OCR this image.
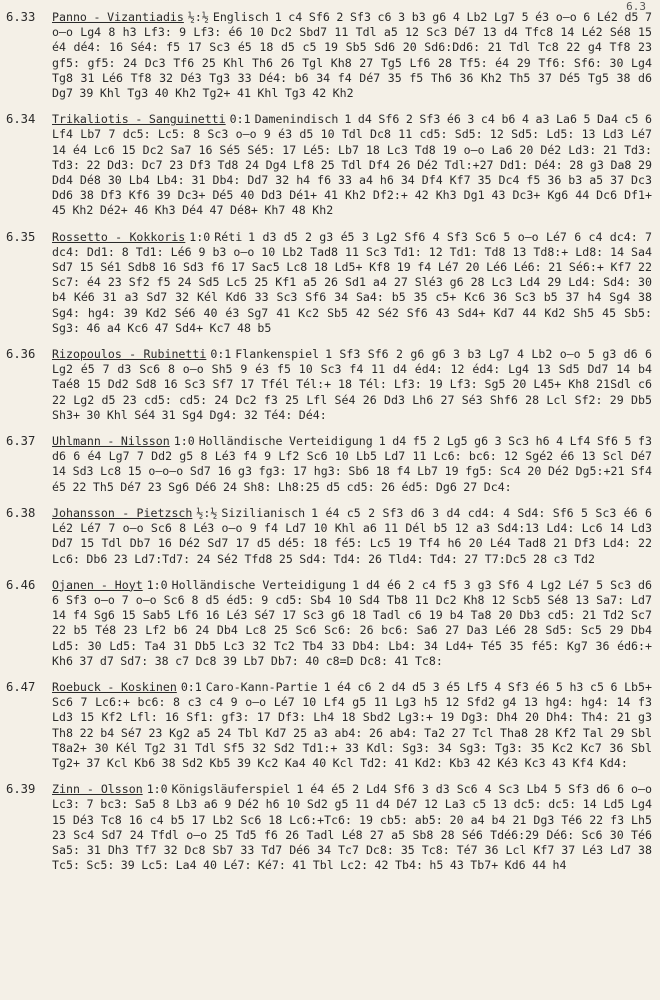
6.3
6.33	Panno - Vizantiadis ½:½ Englisch 1 c4 Sf6 2 Sf3 c6 3 b3 g6 4 Lb2 Lg7 5 é3 o—o 6 Lé2 d5 7 o—o Lg4 8 h3 Lf3: 9 Lf3: é6 10 Dc2 Sbd7 11 Tdl a5 12 Sc3 Dé7 13 d4 Tfc8 14 Lé2 Sé8 15 é4 dé4: 16 Sé4: f5 17 Sc3 é5 18 d5 c5 19 Sb5 Sd6 20 Sd6:Dd6: 21 Tdl Tc8 22 g4 Tf8 23 gf5: gf5: 24 Dc3 Tf6 25 Khl Th6 26 Tgl Kh8 27 Tg5 Lf6 28 Tf5: é4 29 Tf6: Sf6: 30 Lg4 Tg8 31 Lé6 Tf8 32 Dé3 Tg3 33 Dé4: b6 34 f4 Dé7 35 f5 Th6 36 Kh2 Th5 37 Dé5 Tg5 38 d6 Dg7 39 Khl Tg3 40 Kh2 Tg2+ 41 Khl Tg3 42 Kh2
6.34	Trikaliotis - Sanguinetti 0:1 Damenindisch 1 d4 Sf6 2 Sf3 é6 3 c4 b6 4 a3 La6 5 Da4 c5 6 Lf4 Lb7 7 dc5: Lc5: 8 Sc3 o—o 9 é3 d5 10 Tdl Dc8 11 cd5: Sd5: 12 Sd5: Ld5: 13 Ld3 Lé7 14 é4 Lc6 15 Dc2 Sa7 16 Sé5 Sé5: 17 Lé5: Lb7 18 Lc3 Td8 19 o—o La6 20 Dé2 Ld3: 21 Td3: Td3: 22 Dd3: Dc7 23 Df3 Td8 24 Dg4 Lf8 25 Tdl Df4 26 Dé2 Tdl:+27 Dd1: Dé4: 28 g3 Da8 29 Dd4 Dé8 30 Lb4 Lb4: 31 Db4: Dd7 32 h4 f6 33 a4 h6 34 Df4 Kf7 35 Dc4 f5 36 b3 a5 37 Dc3 Dd6 38 Df3 Kf6 39 Dc3+ Dé5 40 Dd3 Dé1+ 41 Kh2 Df2:+ 42 Kh3 Dg1 43 Dc3+ Kg6 44 Dc6 Df1+ 45 Kh2 Dé2+ 46 Kh3 Dé4 47 Dé8+ Kh7 48 Kh2
6.35	Rossetto - Kokkoris 1:0 Réti 1 d3 d5 2 g3 é5 3 Lg2 Sf6 4 Sf3 Sc6 5 o—o Lé7 6 c4 dc4: 7 dc4: Dd1: 8 Td1: Lé6 9 b3 o—o 10 Lb2 Tad8 11 Sc3 Td1: 12 Td1: Td8 13 Td8:+ Ld8: 14 Sa4 Sd7 15 Sé1 Sdb8 16 Sd3 f6 17 Sac5 Lc8 18 Ld5+ Kf8 19 f4 Lé7 20 Lé6 Lé6: 21 Sé6:+ Kf7 22 Sc7: é4 23 Sf2 f5 24 Sd5 Lc5 25 Kf1 a5 26 Sd1 a4 27 Slé3 g6 28 Lc3 Ld4 29 Ld4: Sd4: 30 b4 Ké6 31 a3 Sd7 32 Kél Kd6 33 Sc3 Sf6 34 Sa4: b5 35 c5+ Kc6 36 Sc3 b5 37 h4 Sg4 38 Sg4: hg4: 39 Kd2 Sé6 40 é3 Sg7 41 Kc2 Sb5 42 Sé2 Sf6 43 Sd4+ Kd7 44 Kd2 Sh5 45 Sb5: Sg3: 46 a4 Kc6 47 Sd4+ Kc7 48 b5
6.36	Rizopoulos - Rubinetti 0:1 Flankenspiel 1 Sf3 Sf6 2 g6 g6 3 b3 Lg7 4 Lb2 o—o 5 g3 d6 6 Lg2 é5 7 d3 Sc6 8 o—o Sh5 9 é3 f5 10 Sc3 f4 11 d4 éd4: 12 éd4: Lg4 13 Sd5 Dd7 14 b4 Taé8 15 Dd2 Sd8 16 Sc3 Sf7 17 Tfél Tél:+ 18 Tél: Lf3: 19 Lf3: Sg5 20 L45+ Kh8 21Sdl c6 22 Lg2 d5 23 cd5: cd5: 24 Dc2 f3 25 Lfl Sé4 26 Dd3 Lh6 27 Sé3 Shf6 28 Lcl Sf2: 29 Db5 Sh3+ 30 Khl Sé4 31 Sg4 Dg4: 32 Té4: Dé4:
6.37	Uhlmann - Nilsson 1:0 Holländische Verteidigung 1 d4 f5 2 Lg5 g6 3 Sc3 h6 4 Lf4 Sf6 5 f3 d6 6 é4 Lg7 7 Dd2 g5 8 Lé3 f4 9 Lf2 Sc6 10 Lb5 Ld7 11 Lc6: bc6: 12 Sgé2 é6 13 Scl Dé7 14 Sd3 Lc8 15 o—o—o Sd7 16 g3 fg3: 17 hg3: Sb6 18 f4 Lb7 19 fg5: Sc4 20 Dé2 Dg5:+21 Sf4 é5 22 Th5 Dé7 23 Sg6 Dé6 24 Sh8: Lh8:25 d5 cd5: 26 éd5: Dg6 27 Dc4:
6.38	Johansson - Pietzsch ½:½ Sizilianisch 1 é4 c5 2 Sf3 d6 3 d4 cd4: 4 Sd4: Sf6 5 Sc3 é6 6 Lé2 Lé7 7 o—o Sc6 8 Lé3 o—o 9 f4 Ld7 10 Khl a6 11 Dél b5 12 a3 Sd4:13 Ld4: Lc6 14 Ld3 Dd7 15 Tdl Db7 16 Dé2 Sd7 17 d5 dé5: 18 fé5: Lc5 19 Tf4 h6 20 Lé4 Tad8 21 Df3 Ld4: 22 Lc6: Db6 23 Ld7:Td7: 24 Sé2 Tfd8 25 Sd4: Td4: 26 Tld4: Td4: 27 T7:Dc5 28 c3 Td2
6.46	Ojanen - Hoyt 1:0 Holländische Verteidigung 1 d4 é6 2 c4 f5 3 g3 Sf6 4 Lg2 Lé7 5 Sc3 d6 6 Sf3 o—o 7 o—o Sc6 8 d5 éd5: 9 cd5: Sb4 10 Sd4 Tb8 11 Dc2 Kh8 12 Scb5 Sé8 13 Sa7: Ld7 14 f4 Sg6 15 Sab5 Lf6 16 Lé3 Sé7 17 Sc3 g6 18 Tadl c6 19 b4 Ta8 20 Db3 cd5: 21 Td2 Sc7 22 b5 Té8 23 Lf2 b6 24 Db4 Lc8 25 Sc6 Sc6: 26 bc6: Sa6 27 Da3 Lé6 28 Sd5: Sc5 29 Db4 Ld5: 30 Ld5: Ta4 31 Db5 Lc3 32 Tc2 Tb4 33 Db4: Lb4: 34 Ld4+ Té5 35 fé5: Kg7 36 éd6:+ Kh6 37 d7 Sd7: 38 c7 Dc8 39 Lb7 Db7: 40 c8=D Dc8: 41 Tc8:
6.47	Roebuck - Koskinen 0:1 Caro-Kann-Partie 1 é4 c6 2 d4 d5 3 é5 Lf5 4 Sf3 é6 5 h3 c5 6 Lb5+ Sc6 7 Lc6:+ bc6: 8 c3 c4 9 o—o Lé7 10 Lf4 g5 11 Lg3 h5 12 Sfd2 g4 13 hg4: hg4: 14 f3 Ld3 15 Kf2 Lfl: 16 Sf1: gf3: 17 Df3: Lh4 18 Sbd2 Lg3:+ 19 Dg3: Dh4 20 Dh4: Th4: 21 g3 Th8 22 b4 Sé7 23 Kg2 a5 24 Tbl Kd7 25 a3 ab4: 26 ab4: Ta2 27 Tcl Tha8 28 Kf2 Tal 29 Sbl T8a2+ 30 Kél Tg2 31 Tdl Sf5 32 Sd2 Td1:+ 33 Kdl: Sg3: 34 Sg3: Tg3: 35 Kc2 Kc7 36 Sbl Tg2+ 37 Kcl Kb6 38 Sd2 Kb5 39 Kc2 Ka4 40 Kcl Td2: 41 Kd2: Kb3 42 Ké3 Kc3 43 Kf4 Kd4:
6.39	Zinn - Olsson 1:0 Königsläuferspiel 1 é4 é5 2 Ld4 Sf6 3 d3 Sc6 4 Sc3 Lb4 5 Sf3 d6 6 o—o Lc3: 7 bc3: Sa5 8 Lb3 a6 9 Dé2 h6 10 Sd2 g5 11 d4 Dé7 12 La3 c5 13 dc5: dc5: 14 Ld5 Lg4 15 Dé3 Tc8 16 c4 b5 17 Lb2 Sc6 18 Lc6:+Tc6: 19 cb5: ab5: 20 a4 b4 21 Dg3 Té6 22 f3 Lh5 23 Sc4 Sd7 24 Tfdl o—o 25 Td5 f6 26 Tadl Lé8 27 a5 Sb8 28 Sé6 Tdé6:29 Dé6: Sc6 30 Té6 Sa5: 31 Dh3 Tf7 32 Dc8 Sb7 33 Td7 Dé6 34 Tc7 Dc8: 35 Tc8: Té7 36 Lcl Kf7 37 Lé3 Ld7 38 Tc5: Sc5: 39 Lc5: La4 40 Lé7: Ké7: 41 Tbl Lc2: 42 Tb4: h5 43 Tb7+ Kd6 44 h4
